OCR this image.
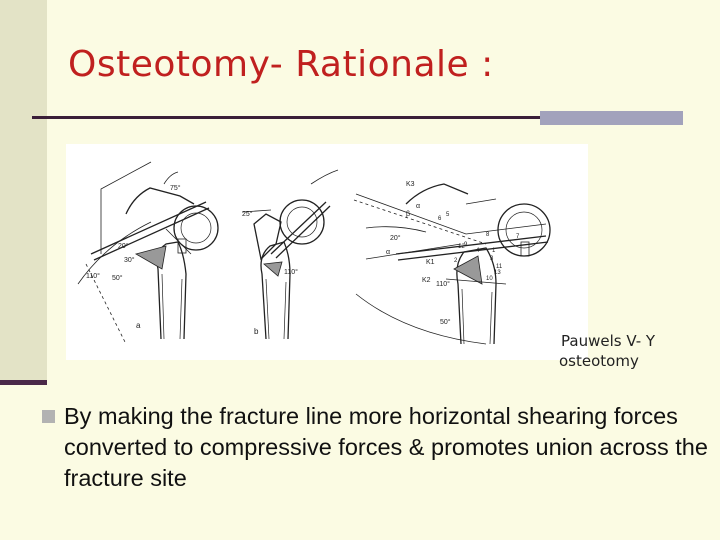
Osteotomy- Rationale :
a
75°
20°
30°
110° 50°
b
25°
110°
K3
K1
K2
β
α
α
20°
110°
50°
1
2	3
4
5
6
7
8
9
10
11
12
13
Pauwels V- Y
osteotomy
By making the fracture line more horizontal shearing forces converted to compressive forces & promotes union across the fracture site
